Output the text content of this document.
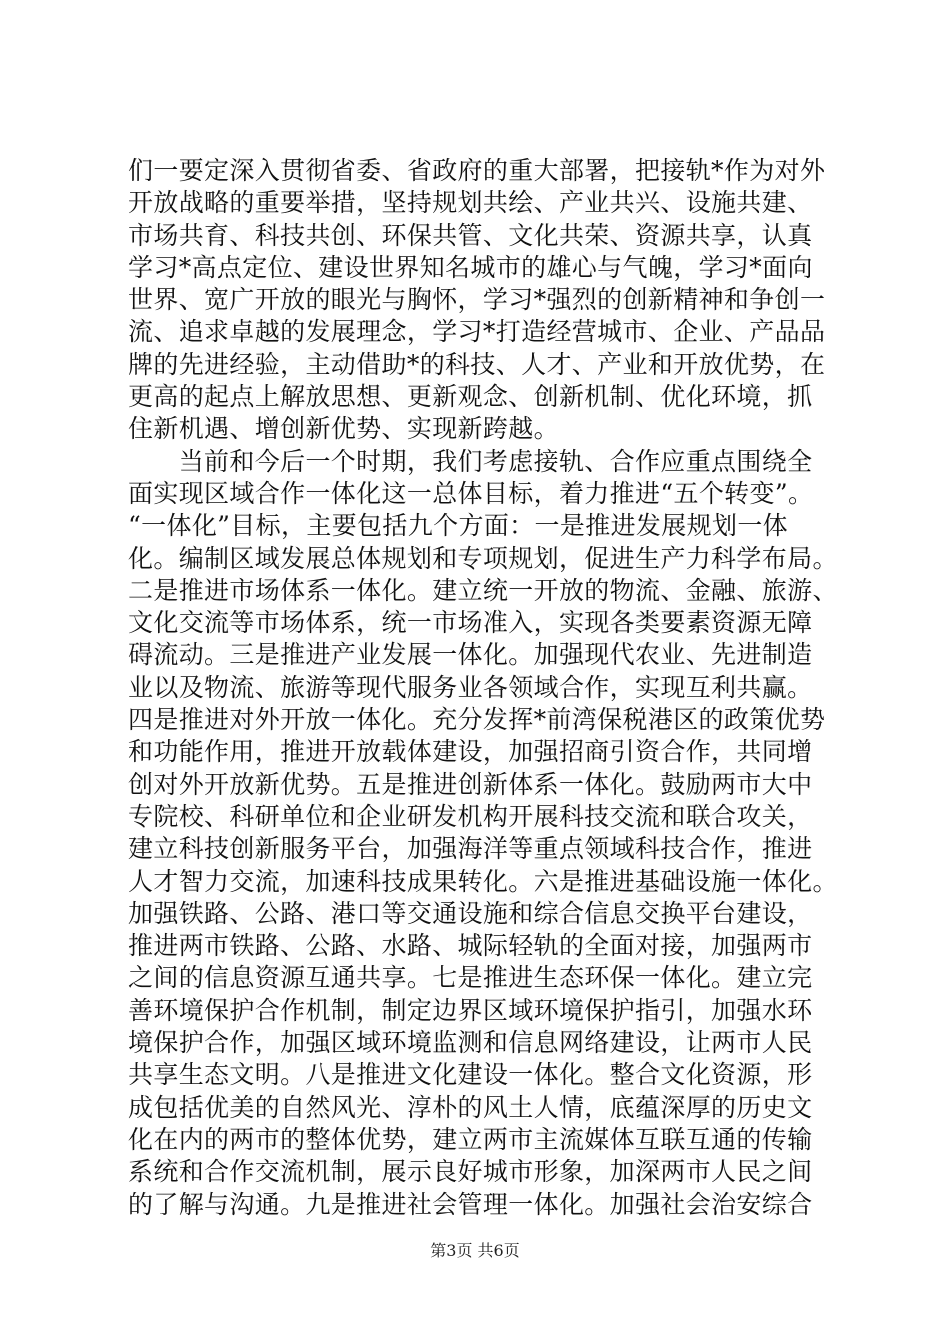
们一要定深入贯彻省委、省政府的重大部署，把接轨*作为对外
开放战略的重要举措，坚持规划共绘、产业共兴、设施共建、
市场共育、科技共创、环保共管、文化共荣、资源共享，认真
学习*高点定位、建设世界知名城市的雄心与气魄，学习*面向
世界、宽广开放的眼光与胸怀，学习*强烈的创新精神和争创一
流、追求卓越的发展理念，学习*打造经营城市、企业、产品品
牌的先进经验，主动借助*的科技、人才、产业和开放优势，在
更高的起点上解放思想、更新观念、创新机制、优化环境，抓
住新机遇、增创新优势、实现新跨越。
　　当前和今后一个时期，我们考虑接轨、合作应重点围绕全
面实现区域合作一体化这一总体目标，着力推进“五个转变”。
“一体化”目标，主要包括九个方面：一是推进发展规划一体
化。编制区域发展总体规划和专项规划，促进生产力科学布局。
二是推进市场体系一体化。建立统一开放的物流、金融、旅游、
文化交流等市场体系，统一市场准入，实现各类要素资源无障
碍流动。三是推进产业发展一体化。加强现代农业、先进制造
业以及物流、旅游等现代服务业各领域合作，实现互利共赢。
四是推进对外开放一体化。充分发挥*前湾保税港区的政策优势
和功能作用，推进开放载体建设，加强招商引资合作，共同增
创对外开放新优势。五是推进创新体系一体化。鼓励两市大中
专院校、科研单位和企业研发机构开展科技交流和联合攻关，
建立科技创新服务平台，加强海洋等重点领域科技合作，推进
人才智力交流，加速科技成果转化。六是推进基础设施一体化。
加强铁路、公路、港口等交通设施和综合信息交换平台建设，
推进两市铁路、公路、水路、城际轻轨的全面对接，加强两市
之间的信息资源互通共享。七是推进生态环保一体化。建立完
善环境保护合作机制，制定边界区域环境保护指引，加强水环
境保护合作，加强区域环境监测和信息网络建设，让两市人民
共享生态文明。八是推进文化建设一体化。整合文化资源，形
成包括优美的自然风光、淳朴的风土人情，底蕴深厚的历史文
化在内的两市的整体优势，建立两市主流媒体互联互通的传输
系统和合作交流机制，展示良好城市形象，加深两市人民之间
的了解与沟通。九是推进社会管理一体化。加强社会治安综合
第3页 共6页
